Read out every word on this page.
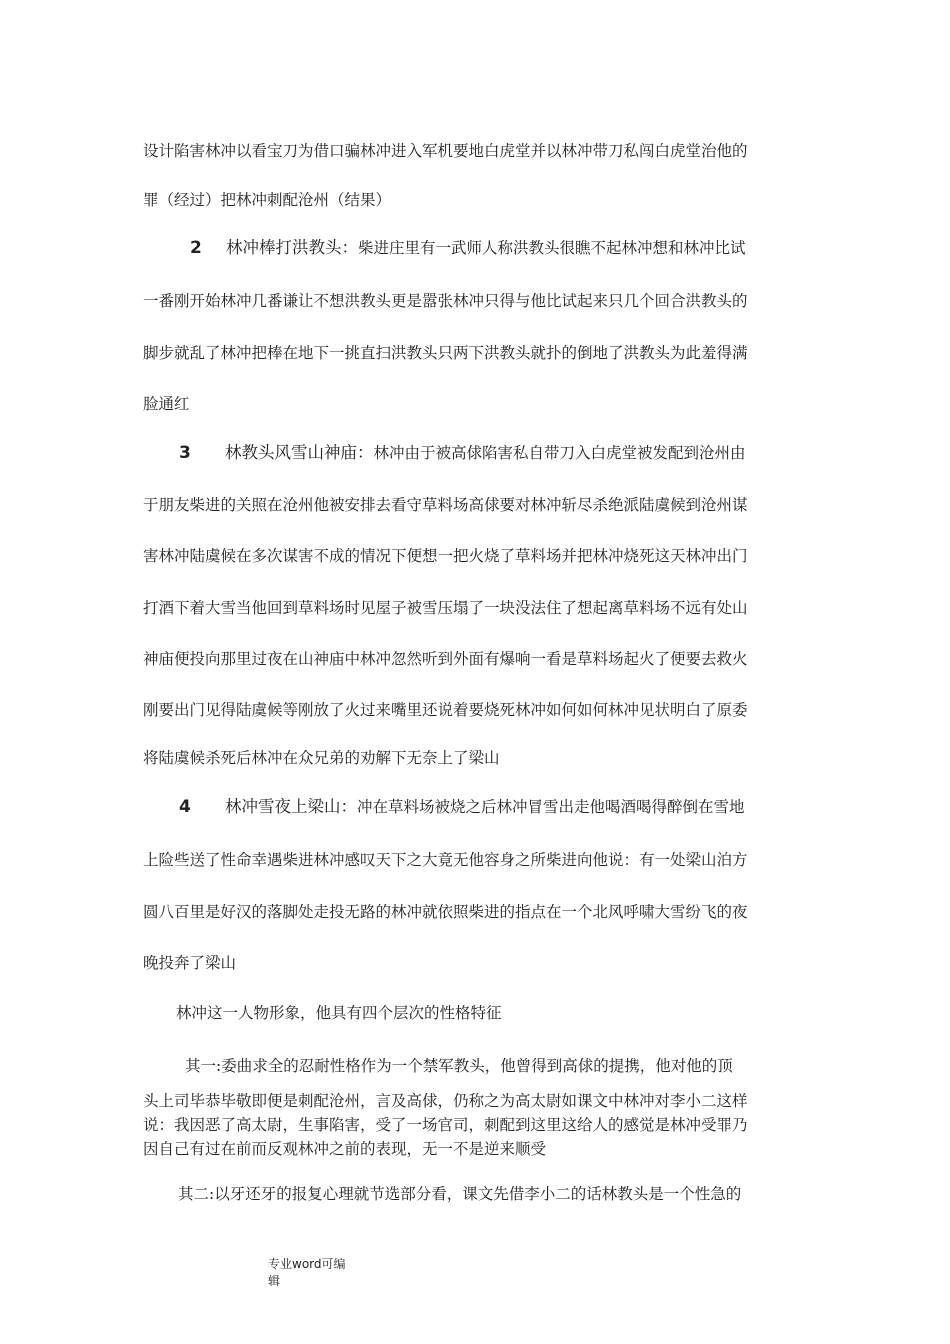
设计陷害林冲以看宝刀为借口骗林冲进入军机要地白虎堂并以林冲带刀私闯白虎堂治他的
罪（经过）把林冲刺配沧州（结果）
2 林冲棒打洪教头：柴进庄里有一武师人称洪教头很瞧不起林冲想和林冲比试
一番刚开始林冲几番谦让不想洪教头更是嚣张林冲只得与他比试起来只几个回合洪教头的
脚步就乱了林冲把棒在地下一挑直扫洪教头只两下洪教头就扑的倒地了洪教头为此羞得满
脸通红
3 林教头风雪山神庙：林冲由于被高俅陷害私自带刀入白虎堂被发配到沧州由
于朋友柴进的关照在沧州他被安排去看守草料场高俅要对林冲斩尽杀绝派陆虞候到沧州谋
害林冲陆虞候在多次谋害不成的情况下便想一把火烧了草料场并把林冲烧死这天林冲出门
打酒下着大雪当他回到草料场时见屋子被雪压塌了一块没法住了想起离草料场不远有处山
神庙便投向那里过夜在山神庙中林冲忽然听到外面有爆响一看是草料场起火了便要去救火
刚要出门见得陆虞候等刚放了火过来嘴里还说着要烧死林冲如何如何林冲见状明白了原委
将陆虞候杀死后林冲在众兄弟的劝解下无奈上了梁山
4 林冲雪夜上梁山：冲在草料场被烧之后林冲冒雪出走他喝酒喝得醉倒在雪地
上险些送了性命幸遇柴进林冲感叹天下之大竟无他容身之所柴进向他说：有一处梁山泊方
圆八百里是好汉的落脚处走投无路的林冲就依照柴进的指点在一个北风呼啸大雪纷飞的夜
晚投奔了梁山
林冲这一人物形象，他具有四个层次的性格特征
其一:委曲求全的忍耐性格作为一个禁军教头，他曾得到高俅的提携，他对他的顶
头上司毕恭毕敬即便是刺配沧州，言及高俅，仍称之为高太尉如课文中林冲对李小二这样
说：我因恶了高太尉，生事陷害，受了一场官司，刺配到这里这给人的感觉是林冲受罪乃
因自己有过在前而反观林冲之前的表现，无一不是逆来顺受
其二:以牙还牙的报复心理就节选部分看，课文先借李小二的话林教头是一个性急的
专业word可编
辑
